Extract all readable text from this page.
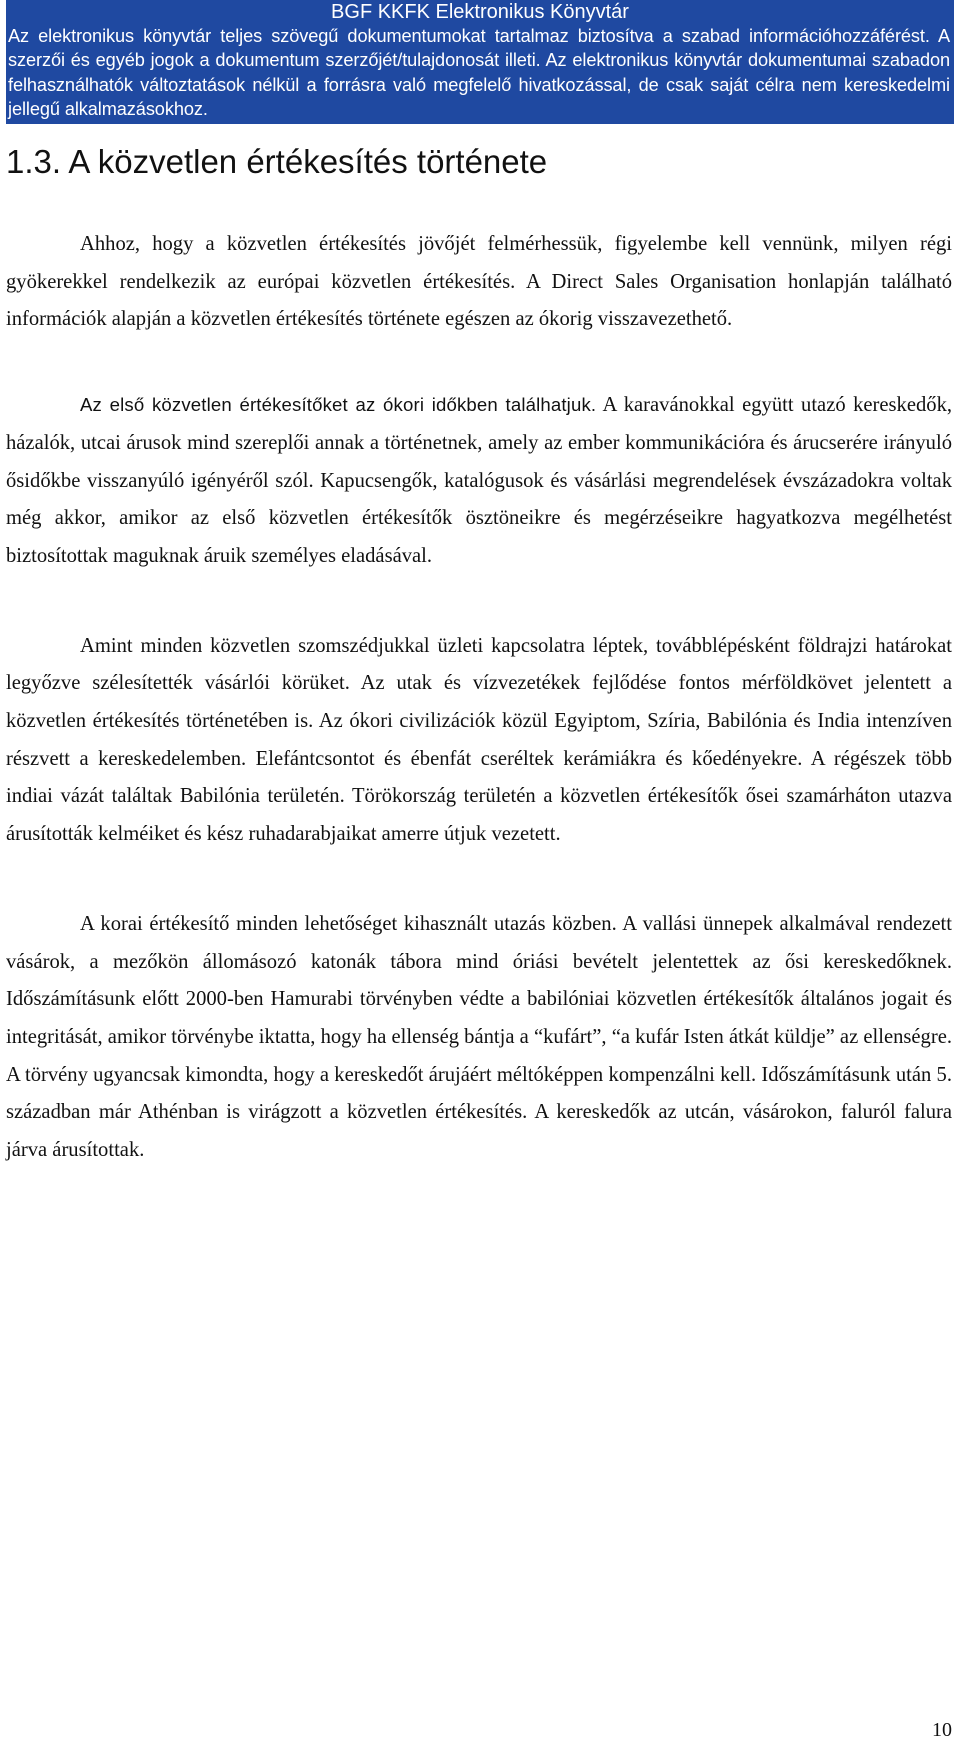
BGF KKFK Elektronikus Könyvtár
Az elektronikus könyvtár teljes szövegű dokumentumokat tartalmaz biztosítva a szabad információhozzáférést. A szerzői és egyéb jogok a dokumentum szerzőjét/tulajdonosát illeti. Az elektronikus könyvtár dokumentumai szabadon felhasználhatók változtatások nélkül a forrásra való megfelelő hivatkozással, de csak saját célra nem kereskedelmi jellegű alkalmazásokhoz.
1.3. A közvetlen értékesítés története

Ahhoz, hogy a közvetlen értékesítés jövőjét felmérhessük, figyelembe kell vennünk, milyen régi gyökerekkel rendelkezik az európai közvetlen értékesítés. A Direct Sales Organisation honlapján található információk alapján a közvetlen értékesítés története egészen az ókorig visszavezethető.

Az első közvetlen értékesítőket az ókori időkben találhatjuk. A karavánokkal együtt utazó kereskedők, házalók, utcai árusok mind szereplői annak a történetnek, amely az ember kommunikációra és árucserére irányuló ősidőkbe visszanyúló igényéről szól. Kapucsengők, katalógusok és vásárlási megrendelések évszázadokra voltak még akkor, amikor az első közvetlen értékesítők ösztöneikre és megérzéseikre hagyatkozva megélhetést biztosítottak maguknak áruik személyes eladásával.

Amint minden közvetlen szomszédjukkal üzleti kapcsolatra léptek, továbblépésként földrajzi határokat legyőzve szélesítették vásárlói körüket. Az utak és vízvezetékek fejlődése fontos mérföldkövet jelentett a közvetlen értékesítés történetében is. Az ókori civilizációk közül Egyiptom, Szíria, Babilónia és India intenzíven részvett a kereskedelemben. Elefántcsontot és ébenfát cseréltek kerámiákra és kőedényekre. A régészek több indiai vázát találtak Babilónia területén. Törökország területén a közvetlen értékesítők ősei szamárháton utazva árusították kelméiket és kész ruhadarabjaikat amerre útjuk vezetett.

A korai értékesítő minden lehetőséget kihasznált utazás közben. A vallási ünnepek alkalmával rendezett vásárok, a mezőkön állomásozó katonák tábora mind óriási bevételt jelentettek az ősi kereskedőknek. Időszámításunk előtt 2000-ben Hamurabi törvényben védte a babilóniai közvetlen értékesítők általános jogait és integritását, amikor törvénybe iktatta, hogy ha ellenség bántja a “kufárt”, “a kufár Isten átkát küldje” az ellenségre. A törvény ugyancsak kimondta, hogy a kereskedőt árujáért méltóképpen kompenzálni kell. Időszámításunk után 5. században már Athénban is virágzott a közvetlen értékesítés. A kereskedők az utcán, vásárokon, faluról falura járva árusítottak.

10
